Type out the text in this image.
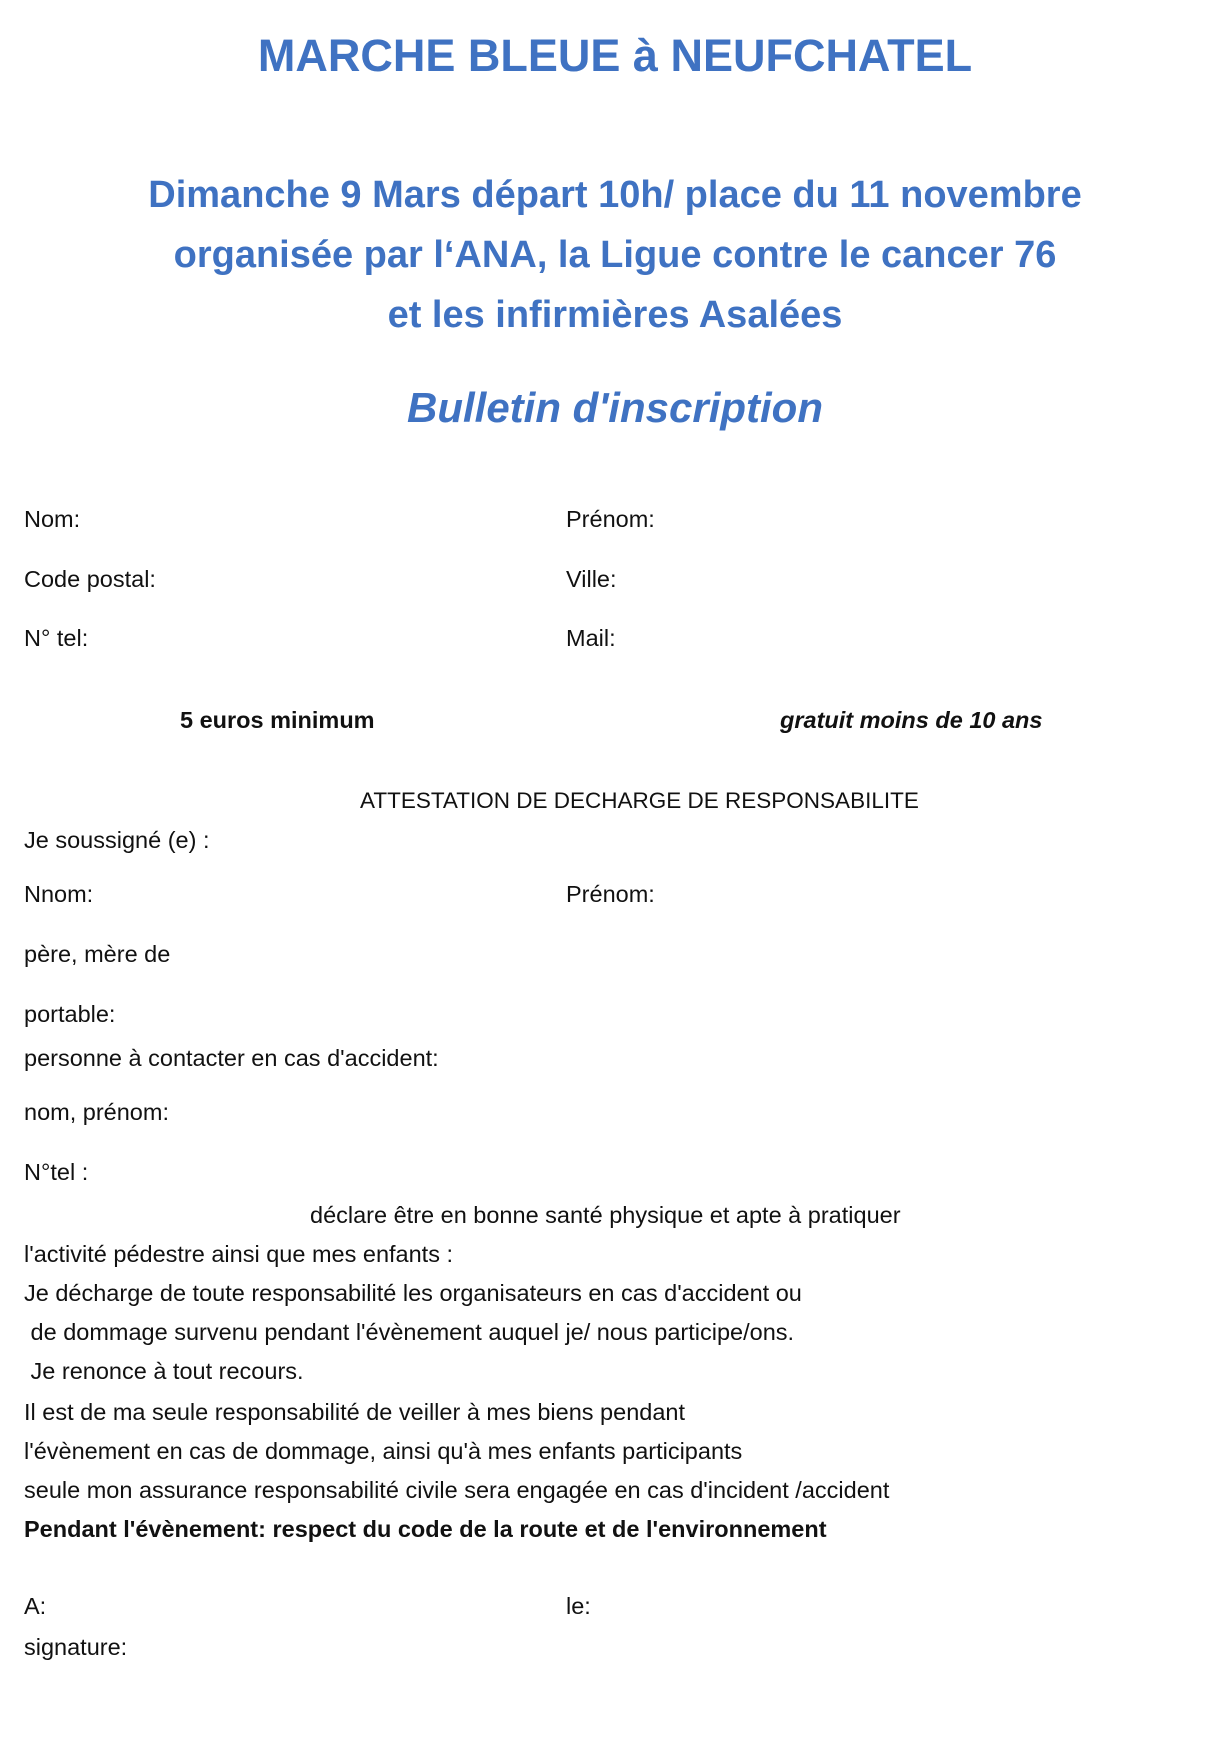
MARCHE BLEUE à NEUFCHATEL
Dimanche 9 Mars départ 10h/ place du 11 novembre
organisée par l‘ANA, la Ligue contre le cancer 76
et les infirmières Asalées
Bulletin d'inscription
Nom:	Prénom:
Code postal:	Ville:
N° tel:	Mail:
5 euros minimum	gratuit moins de 10 ans
ATTESTATION DE DECHARGE DE RESPONSABILITE
Je soussigné (e) :
Nnom:	Prénom:
père, mère de
portable:
personne à contacter en cas d'accident:
nom, prénom:
N°tel :
déclare être en bonne santé physique et apte à pratiquer
l'activité pédestre ainsi que mes enfants :
Je décharge de toute responsabilité les organisateurs en cas d'accident ou
de dommage survenu pendant l'évènement auquel je/ nous participe/ons.
Je renonce à tout recours.
Il est de ma seule responsabilité de veiller à mes biens pendant
l'évènement en cas de dommage, ainsi qu'à mes enfants participants
seule mon assurance responsabilité civile sera engagée en cas d'incident /accident
Pendant l'évènement: respect du code de la route et de l'environnement
A:	le:
signature:
